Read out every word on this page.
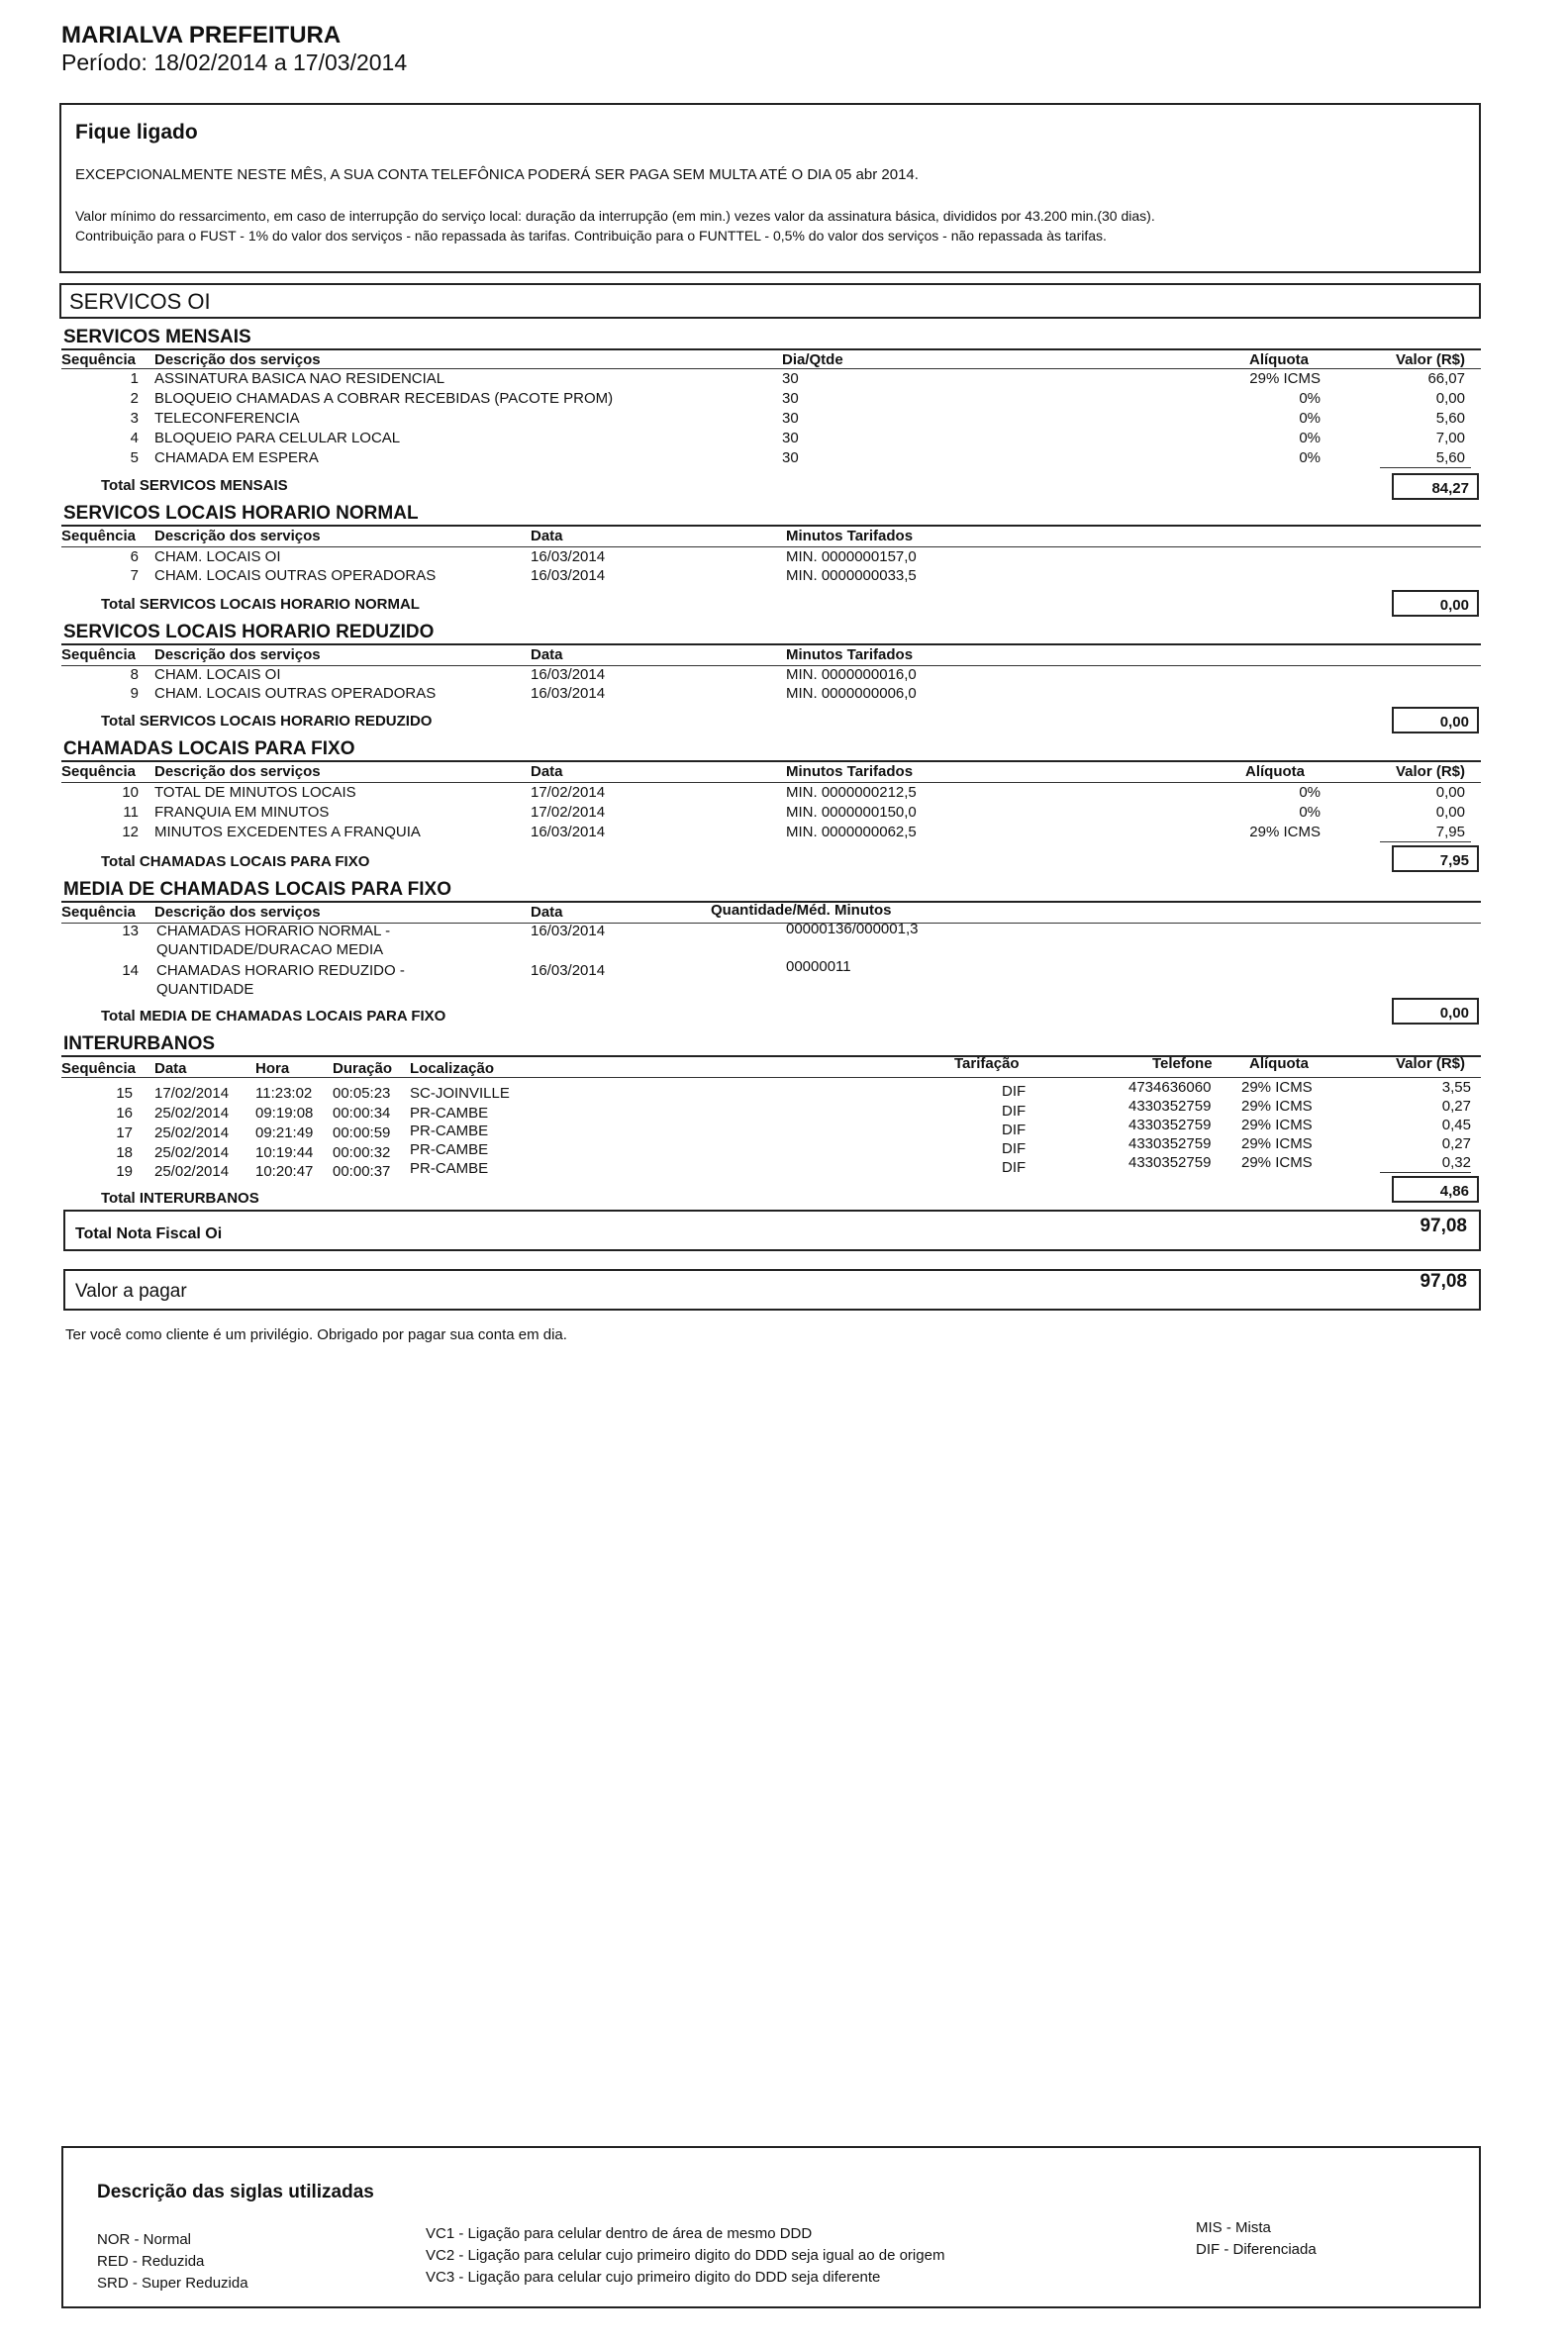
MARIALVA PREFEITURA
Período: 18/02/2014 a 17/03/2014
Fique ligado
EXCEPCIONALMENTE NESTE MÊS, A SUA CONTA TELEFÔNICA PODERÁ SER PAGA SEM MULTA ATÉ O DIA 05 abr 2014.
Valor mínimo do ressarcimento, em caso de interrupção do serviço local: duração da interrupção (em min.) vezes valor da assinatura básica, divididos por 43.200 min.(30 dias).
Contribuição para o FUST - 1% do valor dos serviços - não repassada às tarifas. Contribuição para o FUNTTEL - 0,5% do valor dos serviços - não repassada às tarifas.
SERVICOS OI
SERVICOS MENSAIS
Sequência Descrição dos serviços	Dia/Qtde	Alíquota	Valor (R$)
1 ASSINATURA BASICA NAO RESIDENCIAL	30	29% ICMS	66,07
2 BLOQUEIO CHAMADAS A COBRAR RECEBIDAS (PACOTE PROM)	30	0%	0,00
3 TELECONFERENCIA	30	0%	5,60
4 BLOQUEIO PARA CELULAR LOCAL	30	0%	7,00
5 CHAMADA EM ESPERA	30	0%	5,60
Total SERVICOS MENSAIS	84,27
SERVICOS LOCAIS HORARIO NORMAL
Sequência Descrição dos serviços	Data	Minutos Tarifados
6 CHAM. LOCAIS OI	16/03/2014	MIN. 0000000157,0
7 CHAM. LOCAIS OUTRAS OPERADORAS	16/03/2014	MIN. 0000000033,5
Total SERVICOS LOCAIS HORARIO NORMAL	0,00
SERVICOS LOCAIS HORARIO REDUZIDO
Sequência Descrição dos serviços	Data	Minutos Tarifados
8 CHAM. LOCAIS OI	16/03/2014	MIN. 0000000016,0
9 CHAM. LOCAIS OUTRAS OPERADORAS	16/03/2014	MIN. 0000000006,0
Total SERVICOS LOCAIS HORARIO REDUZIDO	0,00
CHAMADAS LOCAIS PARA FIXO
Sequência Descrição dos serviços	Data	Minutos Tarifados	Alíquota	Valor (R$)
10 TOTAL DE MINUTOS LOCAIS	17/02/2014	MIN. 0000000212,5	0%	0,00
11 FRANQUIA EM MINUTOS	17/02/2014	MIN. 0000000150,0	0%	0,00
12 MINUTOS EXCEDENTES A FRANQUIA	16/03/2014	MIN. 0000000062,5	29% ICMS	7,95
Total CHAMADAS LOCAIS PARA FIXO	7,95
MEDIA DE CHAMADAS LOCAIS PARA FIXO
Sequência Descrição dos serviços	Data	Quantidade/Méd. Minutos
13 CHAMADAS HORARIO NORMAL -
QUANTIDADE/DURACAO MEDIA
16/03/2014	00000136/000001,3
14 CHAMADAS HORARIO REDUZIDO -
QUANTIDADE
16/03/2014	00000011
Total MEDIA DE CHAMADAS LOCAIS PARA FIXO	0,00
INTERURBANOS
Sequência Data	Hora	Duração Localização	Tarifação	Telefone Alíquota	Valor (R$)
15 17/02/2014 11:23:02 00:05:23 SC-JOINVILLE	DIF	4734636060 29% ICMS	3,55
16 25/02/2014 09:19:08 00:00:34 PR-CAMBE	DIF	4330352759 29% ICMS	0,27
17 25/02/2014 09:21:49 00:00:59 PR-CAMBE	DIF	4330352759 29% ICMS	0,45
18 25/02/2014 10:19:44 00:00:32 PR-CAMBE	DIF	4330352759 29% ICMS	0,27
19 25/02/2014 10:20:47 00:00:37 PR-CAMBE	DIF	4330352759 29% ICMS	0,32
Total INTERURBANOS	4,86
Total Nota Fiscal Oi	97,08
Valor a pagar	97,08
Ter você como cliente é um privilégio. Obrigado por pagar sua conta em dia.
Descrição das siglas utilizadas
NOR - Normal
RED - Reduzida
SRD - Super Reduzida
VC1 - Ligação para celular dentro de área de mesmo DDD
VC2 - Ligação para celular cujo primeiro digito do DDD seja igual ao de origem
VC3 - Ligação para celular cujo primeiro digito do DDD seja diferente
MIS - Mista
DIF - Diferenciada
